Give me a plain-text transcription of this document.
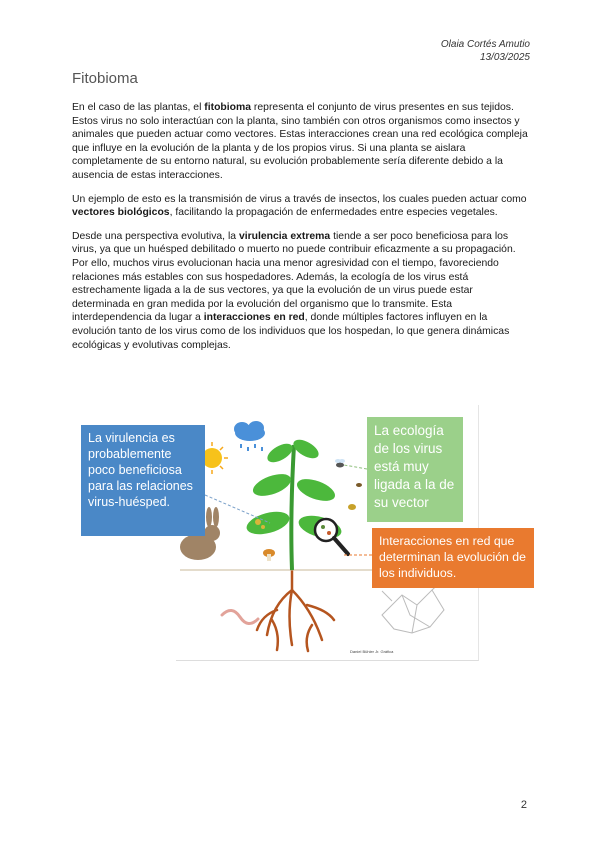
Olaia Cortés Amutio
13/03/2025
Fitobioma

En el caso de las plantas, el fitobioma representa el conjunto de virus presentes en sus tejidos. Estos virus no solo interactúan con la planta, sino también con otros organismos como insectos y animales que pueden actuar como vectores. Estas interacciones crean una red ecológica compleja que influye en la evolución de la planta y de los propios virus. Si una planta se aislara completamente de su entorno natural, su evolución probablemente sería diferente debido a la ausencia de estas interacciones.

Un ejemplo de esto es la transmisión de virus a través de insectos, los cuales pueden actuar como vectores biológicos, facilitando la propagación de enfermedades entre especies vegetales.

Desde una perspectiva evolutiva, la virulencia extrema tiende a ser poco beneficiosa para los virus, ya que un huésped debilitado o muerto no puede contribuir eficazmente a su propagación. Por ello, muchos virus evolucionan hacia una menor agresividad con el tiempo, favoreciendo relaciones más estables con sus hospedadores. Además, la ecología de los virus está estrechamente ligada a la de sus vectores, ya que la evolución de un virus puede estar determinada en gran medida por la evolución del organismo que lo transmite. Esta interdependencia da lugar a interacciones en red, donde múltiples factores influyen en la evolución tanto de los virus como de los individuos que los hospedan, lo que genera dinámicas ecológicas y evolutivas complejas.

La virulencia es probablemente poco beneficiosa para las relaciones virus-huésped.
La ecología de los virus está muy ligada a la de su vector
Interacciones en red que determinan la evolución de los individuos.
Daniel Bühler Jr. Gráfica
2
